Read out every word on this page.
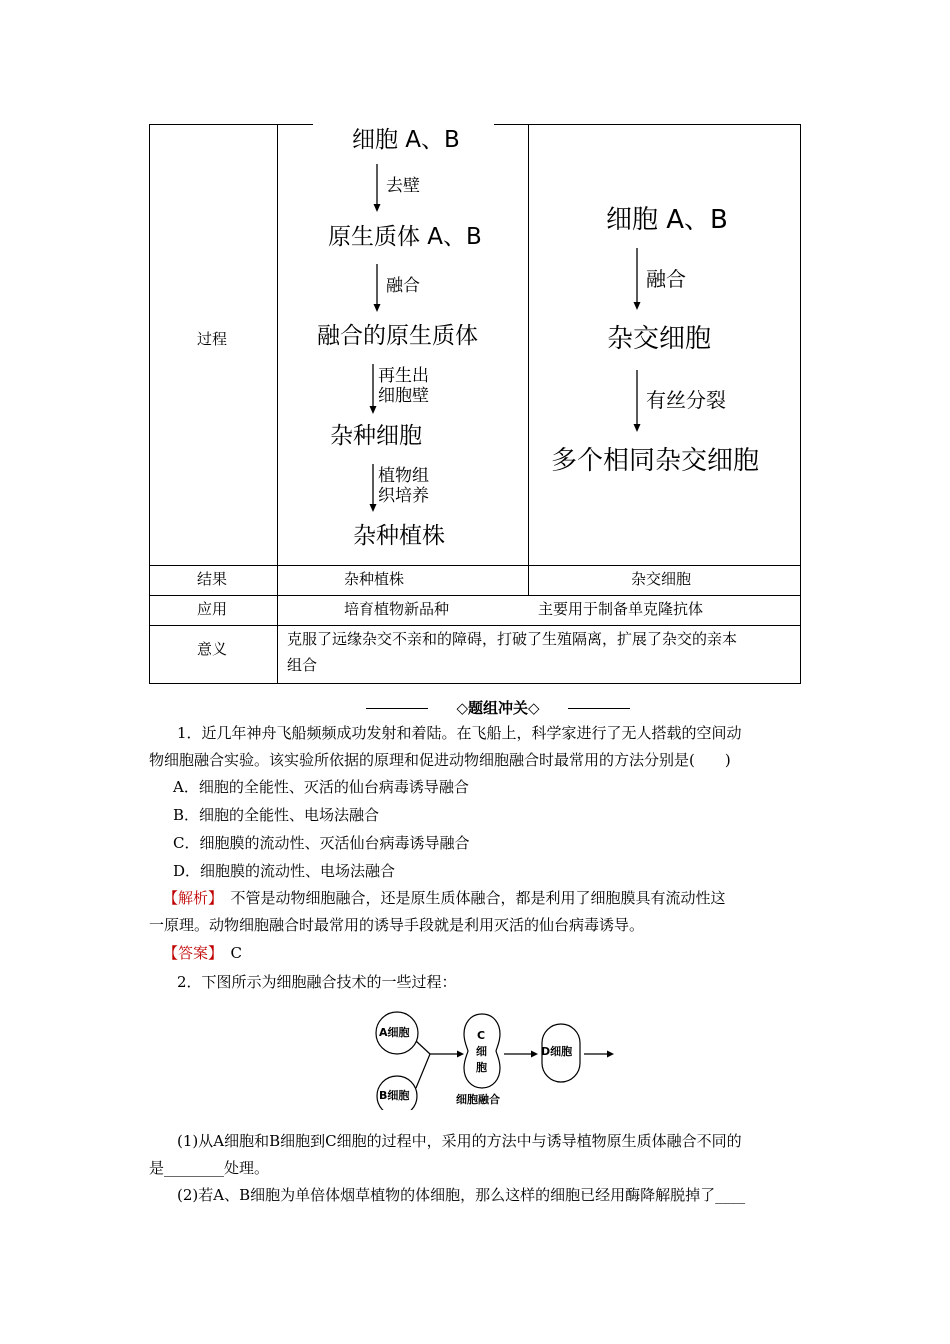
过程
结果
应用
意义
细胞 A、B
去壁
原生质体 A、B
融合
融合的原生质体
再生出
细胞壁
杂种细胞
植物组
织培养
杂种植株
细胞 A、B
融合
杂交细胞
有丝分裂
多个相同杂交细胞
杂种植株	杂交细胞
培育植物新品种	主要用于制备单克隆抗体
克服了远缘杂交不亲和的障碍，打破了生殖隔离，扩展了杂交的亲本
组合
◇题组冲关◇
1．近几年神舟飞船频频成功发射和着陆。在飞船上，科学家进行了无人搭载的空间动
物细胞融合实验。该实验所依据的原理和促进动物细胞融合时最常用的方法分别是(　　)
A．细胞的全能性、灭活的仙台病毒诱导融合
B．细胞的全能性、电场法融合
C．细胞膜的流动性、灭活仙台病毒诱导融合
D．细胞膜的流动性、电场法融合
【解析】　不管是动物细胞融合，还是原生质体融合，都是利用了细胞膜具有流动性这
一原理。动物细胞融合时最常用的诱导手段就是利用灭活的仙台病毒诱导。
【答案】　C
2．下图所示为细胞融合技术的一些过程：
A细胞
B细胞
C
细
胞
D细胞
细胞融合
(1)从A细胞和B细胞到C细胞的过程中，采用的方法中与诱导植物原生质体融合不同的
是________处理。
(2)若A、B细胞为单倍体烟草植物的体细胞，那么这样的细胞已经用酶降解脱掉了____
